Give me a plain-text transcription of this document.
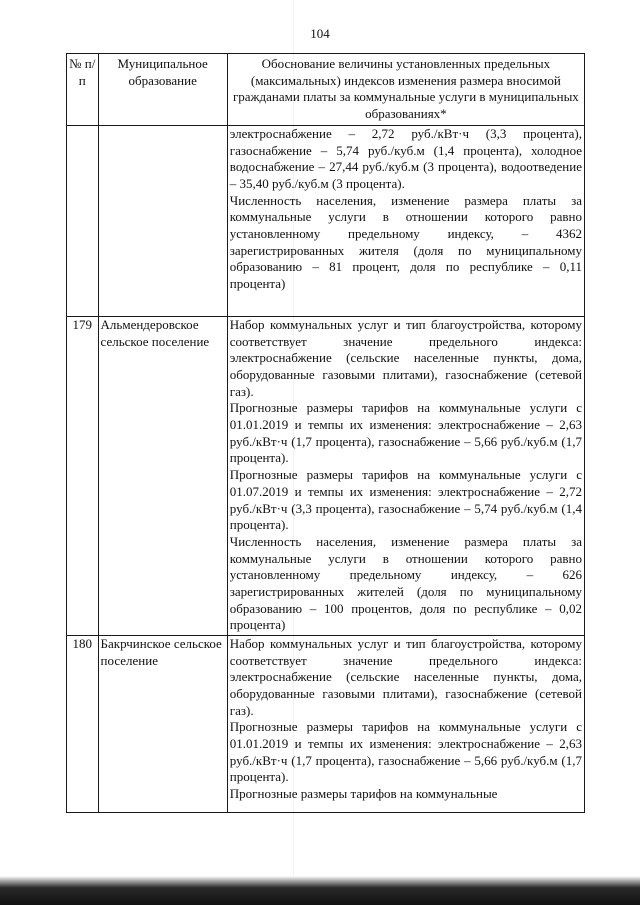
104
№ п/п	Муниципальное образование	Обоснование величины установленных предельных (максимальных) индексов изменения размера вносимой гражданами платы за коммунальные услуги в муниципальных образованиях*

		электроснабжение – 2,72 руб./кВт·ч (3,3 процента), газоснабжение – 5,74 руб./куб.м (1,4 процента), холодное водоснабжение – 27,44 руб./куб.м (3 процента), водоотведение – 35,40 руб./куб.м (3 процента).

Численность населения, изменение размера платы за коммунальные услуги в отношении которого равно установленному предельному индексу, – 4362 зарегистрированных жителя (доля по муниципальному образованию – 81 процент, доля по республике – 0,11 процента)

179	Альмендеровское сельское поселение	Набор коммунальных услуг и тип благоустройства, которому соответствует значение предельного индекса: электроснабжение (сельские населенные пункты, дома, оборудованные газовыми плитами), газоснабжение (сетевой газ).

Прогнозные размеры тарифов на коммунальные услуги с 01.01.2019 и темпы их изменения: электроснабжение – 2,63 руб./кВт·ч (1,7 процента), газоснабжение – 5,66 руб./куб.м (1,7 процента).

Прогнозные размеры тарифов на коммунальные услуги с 01.07.2019 и темпы их изменения: электроснабжение – 2,72 руб./кВт·ч (3,3 процента), газоснабжение – 5,74 руб./куб.м (1,4 процента).

Численность населения, изменение размера платы за коммунальные услуги в отношении которого равно установленному предельному индексу, – 626 зарегистрированных жителей (доля по муниципальному образованию – 100 процентов, доля по республике – 0,02 процента)

180	Бакрчинское сельское поселение	Набор коммунальных услуг и тип благоустройства, которому соответствует значение предельного индекса: электроснабжение (сельские населенные пункты, дома, оборудованные газовыми плитами), газоснабжение (сетевой газ).

Прогнозные размеры тарифов на коммунальные услуги с 01.01.2019 и темпы их изменения: электроснабжение – 2,63 руб./кВт·ч (1,7 процента), газоснабжение – 5,66 руб./куб.м (1,7 процента).

Прогнозные размеры тарифов на коммунальные
